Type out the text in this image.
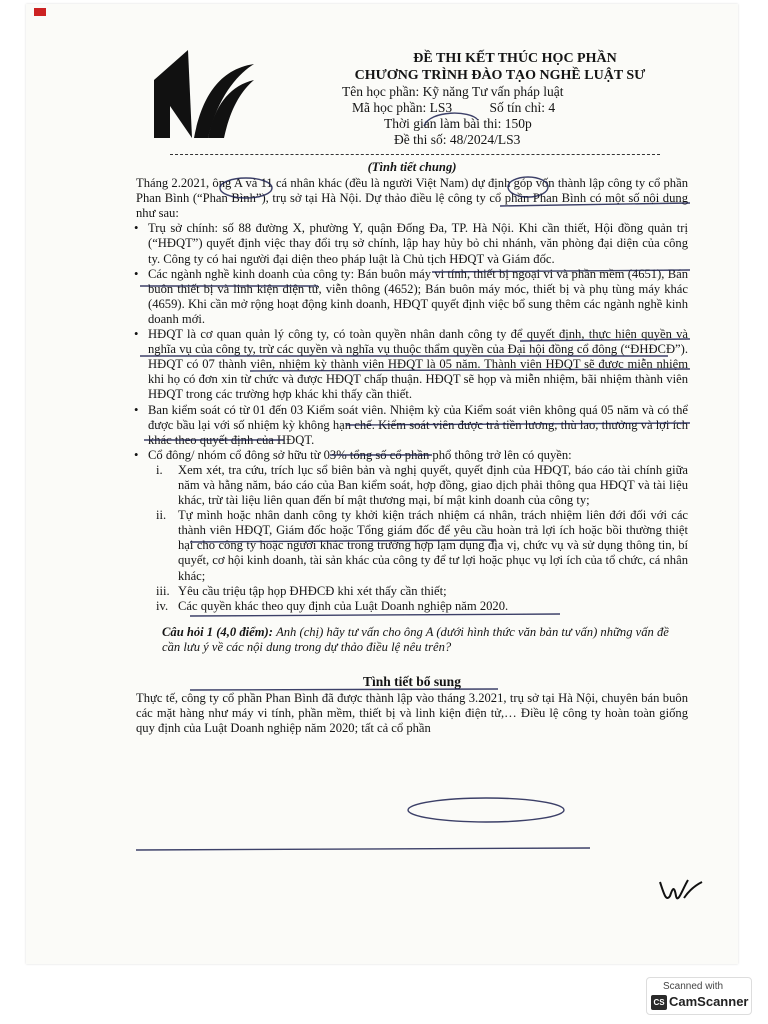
ĐỀ THI KẾT THÚC HỌC PHẦN
CHƯƠNG TRÌNH ĐÀO TẠO NGHỀ LUẬT SƯ
Tên học phần: Kỹ năng Tư vấn pháp luật
Mã học phần: LS3	Số tín chỉ: 4
Thời gian làm bài thi: 150p
Đề thi số: 48/2024/LS3
(Tình tiết chung)

Tháng 2.2021, ông A và 11 cá nhân khác (đều là người Việt Nam) dự định góp vốn thành lập công ty cổ phần Phan Bình (“Phan Bình”), trụ sở tại Hà Nội. Dự thảo điều lệ công ty cổ phần Phan Bình có một số nội dung như sau:

• Trụ sở chính: số 88 đường X, phường Y, quận Đống Đa, TP. Hà Nội. Khi cần thiết, Hội đồng quản trị (“HĐQT”) quyết định việc thay đổi trụ sở chính, lập hay hủy bỏ chi nhánh, văn phòng đại diện của công ty. Công ty có hai người đại diện theo pháp luật là Chủ tịch HĐQT và Giám đốc.
• Các ngành nghề kinh doanh của công ty: Bán buôn máy vi tính, thiết bị ngoại vi và phần mềm (4651), Bán buôn thiết bị và linh kiện điện tử, viễn thông (4652); Bán buôn máy móc, thiết bị và phụ tùng máy khác (4659). Khi cần mở rộng hoạt động kinh doanh, HĐQT quyết định việc bổ sung thêm các ngành nghề kinh doanh mới.
• HĐQT là cơ quan quản lý công ty, có toàn quyền nhân danh công ty để quyết định, thực hiện quyền và nghĩa vụ của công ty, trừ các quyền và nghĩa vụ thuộc thẩm quyền của Đại hội đồng cổ đông (“ĐHĐCĐ”). HĐQT có 07 thành viên, nhiệm kỳ thành viên HĐQT là 05 năm. Thành viên HĐQT sẽ được miễn nhiệm khi họ có đơn xin từ chức và được HĐQT chấp thuận. HĐQT sẽ họp và miễn nhiệm, bãi nhiệm thành viên HĐQT trong các trường hợp khác khi thấy cần thiết.
• Ban kiểm soát có từ 01 đến 03 Kiểm soát viên. Nhiệm kỳ của Kiểm soát viên không quá 05 năm và có thể được bầu lại với số nhiệm kỳ không hạn chế. Kiểm soát viên được trả tiền lương, thù lao, thưởng và lợi ích khác theo quyết định của HĐQT.
• Cổ đông/ nhóm cổ đông sở hữu từ 03% tổng số cổ phần phổ thông trở lên có quyền:
i. Xem xét, tra cứu, trích lục sổ biên bản và nghị quyết, quyết định của HĐQT, báo cáo tài chính giữa năm và hằng năm, báo cáo của Ban kiểm soát, hợp đồng, giao dịch phải thông qua HĐQT và tài liệu khác, trừ tài liệu liên quan đến bí mật thương mại, bí mật kinh doanh của công ty;
ii. Tự mình hoặc nhân danh công ty khởi kiện trách nhiệm cá nhân, trách nhiệm liên đới đối với các thành viên HĐQT, Giám đốc hoặc Tổng giám đốc để yêu cầu hoàn trả lợi ích hoặc bồi thường thiệt hại cho công ty hoặc người khác trong trường hợp lạm dụng địa vị, chức vụ và sử dụng thông tin, bí quyết, cơ hội kinh doanh, tài sản khác của công ty để tư lợi hoặc phục vụ lợi ích của tổ chức, cá nhân khác;
iii. Yêu cầu triệu tập họp ĐHĐCĐ khi xét thấy cần thiết;
iv. Các quyền khác theo quy định của Luật Doanh nghiệp năm 2020.
Câu hỏi 1 (4,0 điểm): Anh (chị) hãy tư vấn cho ông A (dưới hình thức văn bản tư vấn) những vấn đề cần lưu ý về các nội dung trong dự thảo điều lệ nêu trên?
Tình tiết bổ sung

Thực tế, công ty cổ phần Phan Bình đã được thành lập vào tháng 3.2021, trụ sở tại Hà Nội, chuyên bán buôn các mặt hàng như máy vi tính, phần mềm, thiết bị và linh kiện điện tử,… Điều lệ công ty hoàn toàn giống quy định của Luật Doanh nghiệp năm 2020; tất cả cổ phần

Scanned with
CS CamScanner
